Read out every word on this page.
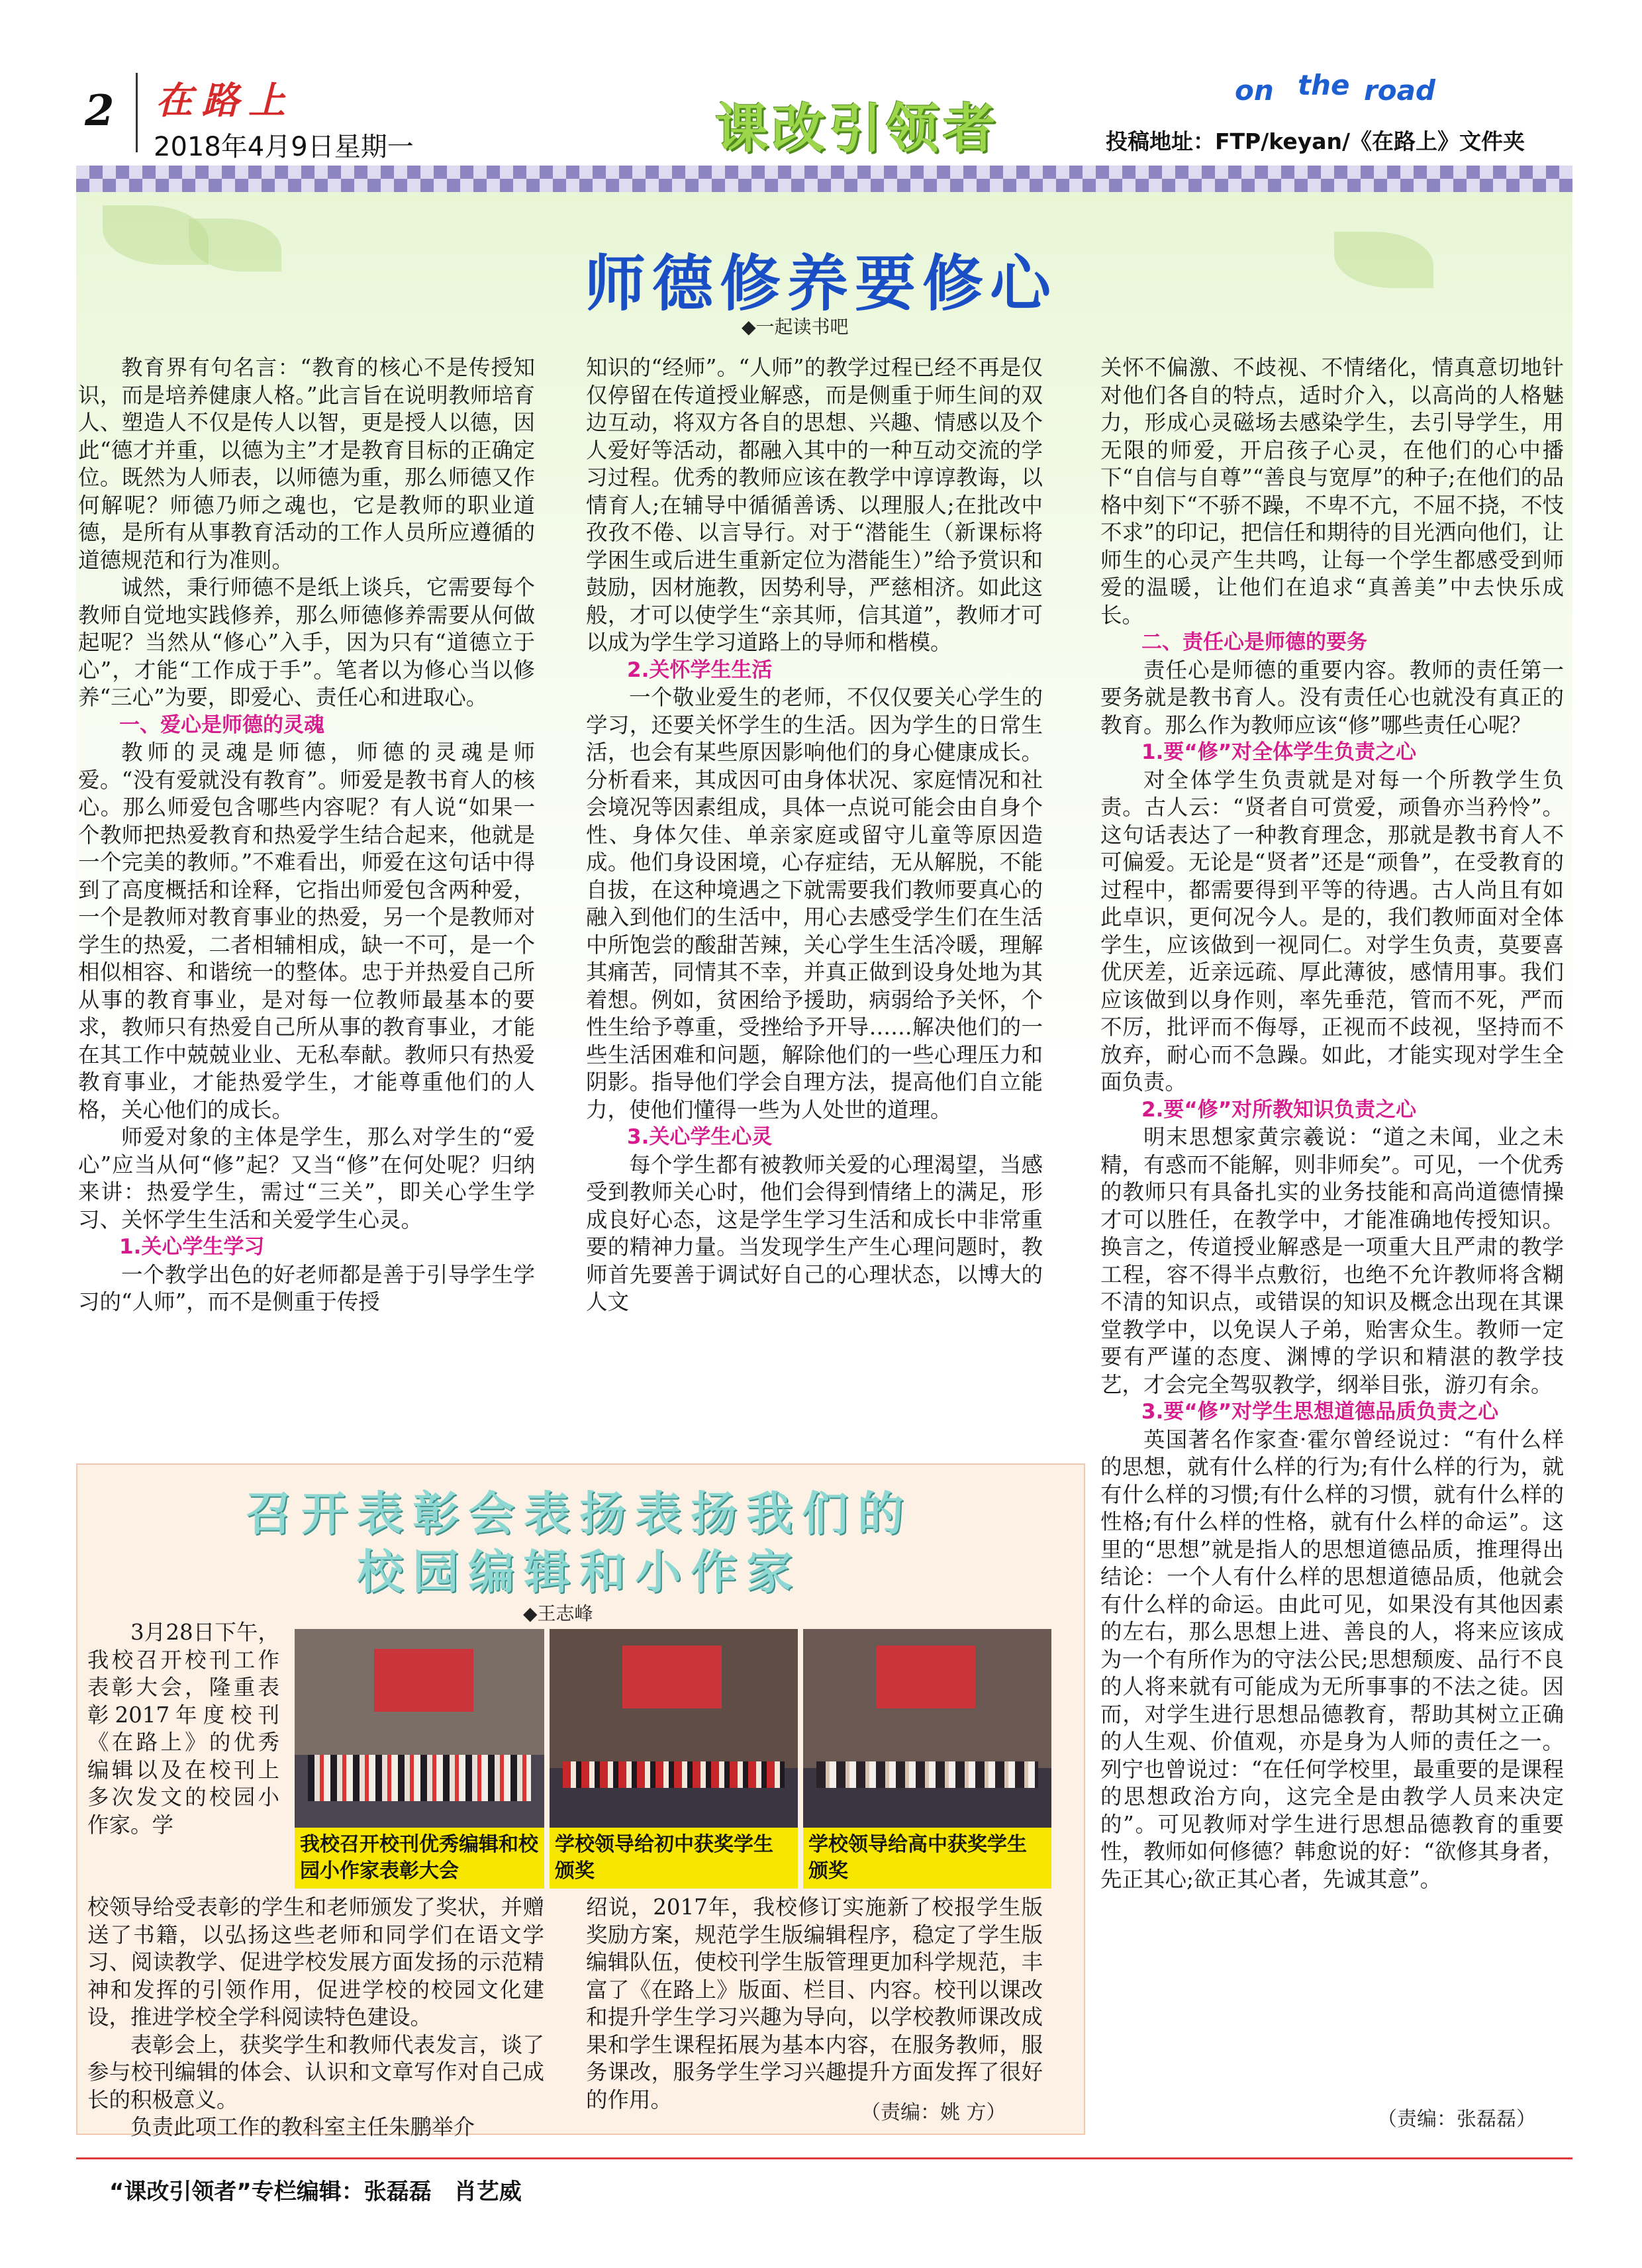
2 在路上
2018年4月9日星期一	课改引领者
on the road
投稿地址：FTP/keyan/《在路上》文件夹
师德修养要修心
◆一起读书吧

教育界有句名言：“教育的核心不是传授知识，而是培养健康人格。”此言旨在说明教师培育人、塑造人不仅是传人以智，更是授人以德，因此“德才并重，以德为主”才是教育目标的正确定位。既然为人师表，以师德为重，那么师德又作何解呢？师德乃师之魂也，它是教师的职业道德，是所有从事教育活动的工作人员所应遵循的道德规范和行为准则。

诚然，秉行师德不是纸上谈兵，它需要每个教师自觉地实践修养，那么师德修养需要从何做起呢？当然从“修心”入手，因为只有“道德立于心”，才能“工作成于手”。笔者以为修心当以修养“三心”为要，即爱心、责任心和进取心。

一、爱心是师德的灵魂

教师的灵魂是师德，师德的灵魂是师爱。“没有爱就没有教育”。师爱是教书育人的核心。那么师爱包含哪些内容呢？有人说“如果一个教师把热爱教育和热爱学生结合起来，他就是一个完美的教师。”不难看出，师爱在这句话中得到了高度概括和诠释，它指出师爱包含两种爱，一个是教师对教育事业的热爱，另一个是教师对学生的热爱，二者相辅相成，缺一不可，是一个相似相容、和谐统一的整体。忠于并热爱自己所从事的教育事业，是对每一位教师最基本的要求，教师只有热爱自己所从事的教育事业，才能在其工作中兢兢业业、无私奉献。教师只有热爱教育事业，才能热爱学生，才能尊重他们的人格，关心他们的成长。

师爱对象的主体是学生，那么对学生的“爱心”应当从何“修”起？又当“修”在何处呢？归纳来讲：热爱学生，需过“三关”，即关心学生学习、关怀学生生活和关爱学生心灵。

1.关心学生学习

一个教学出色的好老师都是善于引导学生学习的“人师”，而不是侧重于传授

知识的“经师”。“人师”的教学过程已经不再是仅仅停留在传道授业解惑，而是侧重于师生间的双边互动，将双方各自的思想、兴趣、情感以及个人爱好等活动，都融入其中的一种互动交流的学习过程。优秀的教师应该在教学中谆谆教诲，以情育人;在辅导中循循善诱、以理服人;在批改中孜孜不倦、以言导行。对于“潜能生（新课标将学困生或后进生重新定位为潜能生）”给予赏识和鼓励，因材施教，因势利导，严慈相济。如此这般，才可以使学生“亲其师，信其道”，教师才可以成为学生学习道路上的导师和楷模。

2.关怀学生生活

一个敬业爱生的老师，不仅仅要关心学生的学习，还要关怀学生的生活。因为学生的日常生活，也会有某些原因影响他们的身心健康成长。分析看来，其成因可由身体状况、家庭情况和社会境况等因素组成，具体一点说可能会由自身个性、身体欠佳、单亲家庭或留守儿童等原因造成。他们身设困境，心存症结，无从解脱，不能自拔，在这种境遇之下就需要我们教师要真心的融入到他们的生活中，用心去感受学生们在生活中所饱尝的酸甜苦辣，关心学生生活冷暖，理解其痛苦，同情其不幸，并真正做到设身处地为其着想。例如，贫困给予援助，病弱给予关怀，个性生给予尊重，受挫给予开导……解决他们的一些生活困难和问题，解除他们的一些心理压力和阴影。指导他们学会自理方法，提高他们自立能力，使他们懂得一些为人处世的道理。

3.关心学生心灵

每个学生都有被教师关爱的心理渴望，当感受到教师关心时，他们会得到情绪上的满足，形成良好心态，这是学生学习生活和成长中非常重要的精神力量。当发现学生产生心理问题时，教师首先要善于调试好自己的心理状态，以博大的人文

关怀不偏激、不歧视、不情绪化，情真意切地针对他们各自的特点，适时介入，以高尚的人格魅力，形成心灵磁场去感染学生，去引导学生，用无限的师爱，开启孩子心灵，在他们的心中播下“自信与自尊”“善良与宽厚”的种子;在他们的品格中刻下“不骄不躁，不卑不亢，不屈不挠，不忮不求”的印记，把信任和期待的目光洒向他们，让师生的心灵产生共鸣，让每一个学生都感受到师爱的温暖，让他们在追求“真善美”中去快乐成长。

二、责任心是师德的要务

责任心是师德的重要内容。教师的责任第一要务就是教书育人。没有责任心也就没有真正的教育。那么作为教师应该“修”哪些责任心呢？

1.要“修”对全体学生负责之心

对全体学生负责就是对每一个所教学生负责。古人云：“贤者自可赏爱，顽鲁亦当矜怜”。这句话表达了一种教育理念，那就是教书育人不可偏爱。无论是“贤者”还是“顽鲁”，在受教育的过程中，都需要得到平等的待遇。古人尚且有如此卓识，更何况今人。是的，我们教师面对全体学生，应该做到一视同仁。对学生负责，莫要喜优厌差，近亲远疏、厚此薄彼，感情用事。我们应该做到以身作则，率先垂范，管而不死，严而不厉，批评而不侮辱，正视而不歧视，坚持而不放弃，耐心而不急躁。如此，才能实现对学生全面负责。

2.要“修”对所教知识负责之心

明末思想家黄宗羲说：“道之未闻，业之未精，有惑而不能解，则非师矣”。可见，一个优秀的教师只有具备扎实的业务技能和高尚道德情操才可以胜任，在教学中，才能准确地传授知识。换言之，传道授业解惑是一项重大且严肃的教学工程，容不得半点敷衍，也绝不允许教师将含糊不清的知识点，或错误的知识及概念出现在其课堂教学中，以免误人子弟，贻害众生。教师一定要有严谨的态度、渊博的学识和精湛的教学技艺，才会完全驾驭教学，纲举目张，游刃有余。

3.要“修”对学生思想道德品质负责之心

英国著名作家查·霍尔曾经说过：“有什么样的思想，就有什么样的行为;有什么样的行为，就有什么样的习惯;有什么样的习惯，就有什么样的性格;有什么样的性格，就有什么样的命运”。这里的“思想”就是指人的思想道德品质，推理得出结论：一个人有什么样的思想道德品质，他就会有什么样的命运。由此可见，如果没有其他因素的左右，那么思想上进、善良的人，将来应该成为一个有所作为的守法公民;思想颓废、品行不良的人将来就有可能成为无所事事的不法之徒。因而，对学生进行思想品德教育，帮助其树立正确的人生观、价值观，亦是身为人师的责任之一。列宁也曾说过：“在任何学校里，最重要的是课程的思想政治方向，这完全是由教学人员来决定的”。可见教师对学生进行思想品德教育的重要性，教师如何修德？韩愈说的好：“欲修其身者，先正其心;欲正其心者，先诚其意”。

（责编：张磊磊）
召开表彰会表扬表扬我们的
校园编辑和小作家
◆王志峰

3月28日下午，我校召开校刊工作表彰大会，隆重表彰2017年度校刊《在路上》的优秀编辑以及在校刊上多次发文的校园小作家。学

我校召开校刊优秀编辑和校园小作家表彰大会
学校领导给初中获奖学生颁奖
学校领导给高中获奖学生颁奖

校领导给受表彰的学生和老师颁发了奖状，并赠送了书籍，以弘扬这些老师和同学们在语文学习、阅读教学、促进学校发展方面发扬的示范精神和发挥的引领作用，促进学校的校园文化建设，推进学校全学科阅读特色建设。

表彰会上，获奖学生和教师代表发言，谈了参与校刊编辑的体会、认识和文章写作对自己成长的积极意义。

负责此项工作的教科室主任朱鹏举介

绍说，2017年，我校修订实施新了校报学生版奖励方案，规范学生版编辑程序，稳定了学生版编辑队伍，使校刊学生版管理更加科学规范，丰富了《在路上》版面、栏目、内容。校刊以课改和提升学生学习兴趣为导向，以学校教师课改成果和学生课程拓展为基本内容，在服务教师，服务课改，服务学生学习兴趣提升方面发挥了很好的作用。

（责编：姚 方）
“课改引领者”专栏编辑：张磊磊　肖艺威
